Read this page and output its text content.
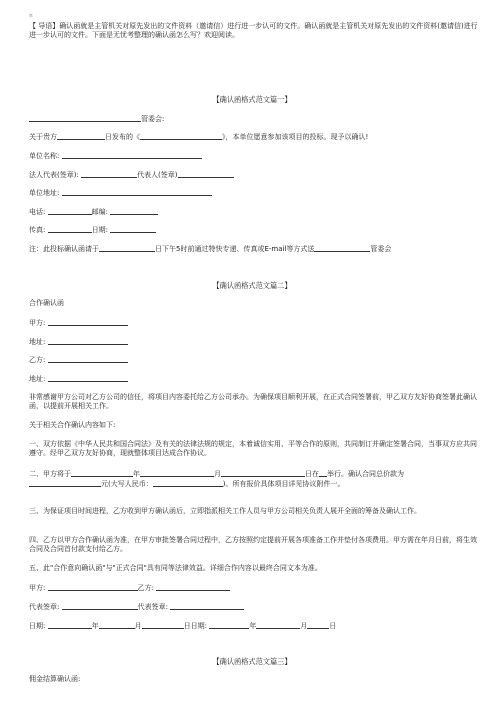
¤

【 导语】确认函就是主管机关对原先发出的文件资料（邀请信）进行进一步认可的文件。确认函就是主管机关对原先发出的文件资料(邀请信)进行进一步认可的文件。下面是无忧考整理的确认函怎么写？欢迎阅读。

【确认函格式范文篇一】

管委会:

关于贵方	日发布的《	》，本单位愿意参加该项目的投标。现予以确认!

单位名称:

法人代表(签章):	代表人(签章)

单位地址:

电话:	邮编:

传真:	日期:

注：此投标确认函请于	日下午5时前通过特快专递、传真或E-mail等方式送	管委会

【确认函格式范文篇二】

合作确认函

甲方:

地址:

乙方:

地址:

非常感谢甲方公司对乙方公司的信任，将项目内容委托给乙方公司承办。为确保项目顺利开展，在正式合同签署前，甲乙双方友好协商签署此确认函，以提前开展相关工作。

关于相关合作确认内容如下:

一、双方依据《中华人民共和国合同法》及有关的法律法规的规定，本着诚信实用、平等合作的原则，共同制订并确定签署合同，当事双方应共同遵守。经甲乙双方友好协商，现就整体项目达成合作协议。

二、甲方将于	年	月	日在 举行。确认合同总价款为
元(大写人民币：	)。所有报价具体项目详见协议附件一。

三、为保证项目时间进程，乙方收到甲方确认函后，立即指派相关工作人员与甲方公司相关负责人展开全面的筹备及确认工作。

四、乙方以甲方合作确认函为准，在甲方审批签署合同过程中，乙方按照约定提前开展各项准备工作并垫付各项费用。甲方需在年月日前，将生效合同及合同首付款支付给乙方。

五、此"合作意向确认函"与"正式合同"具有同等法律效益。详细合作内容以最终合同文本为准。

甲方:	乙方:

代表签章:	代表签章:

日期:	年	月	日日期:	年	月	日

【确认函格式范文篇三】

佣金结算确认函:
